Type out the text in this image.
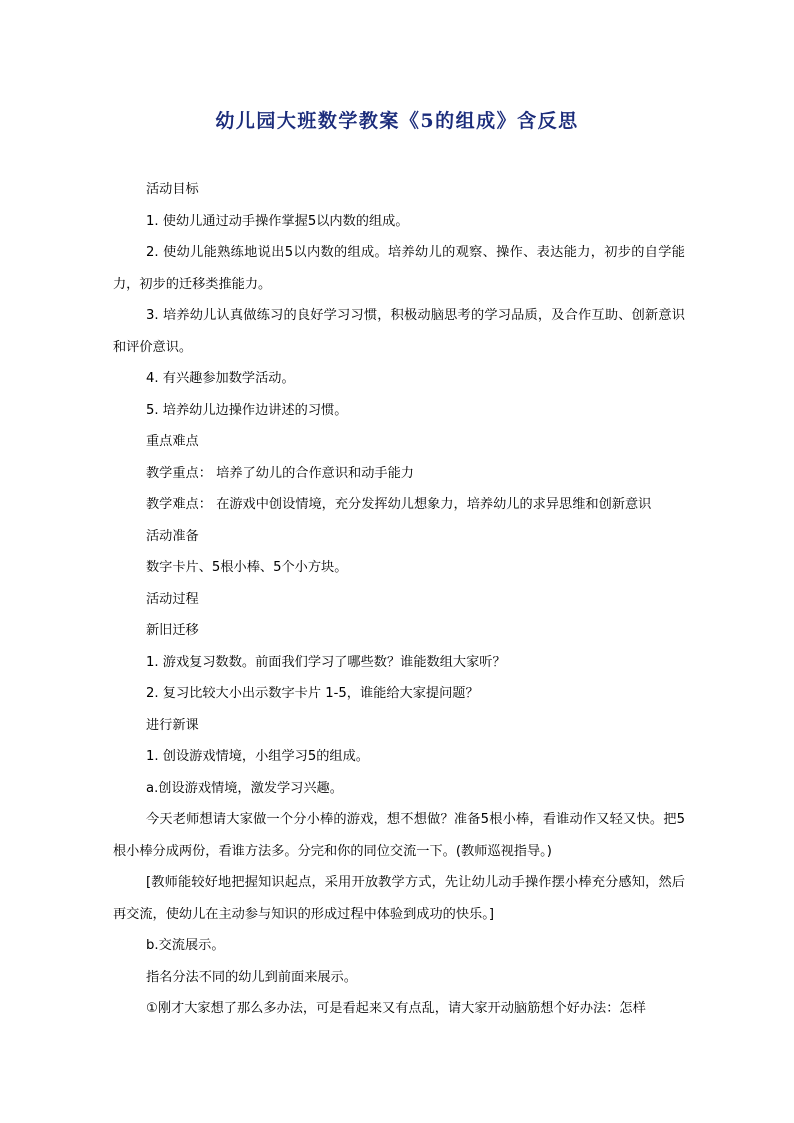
幼儿园大班数学教案《5的组成》含反思

活动目标

1. 使幼儿通过动手操作掌握5以内数的组成。

2. 使幼儿能熟练地说出5以内数的组成。培养幼儿的观察、操作、表达能力，初步的自学能力，初步的迁移类推能力。

3. 培养幼儿认真做练习的良好学习习惯，积极动脑思考的学习品质，及合作互助、创新意识和评价意识。

4. 有兴趣参加数学活动。

5. 培养幼儿边操作边讲述的习惯。

重点难点

教学重点： 培养了幼儿的合作意识和动手能力

教学难点： 在游戏中创设情境，充分发挥幼儿想象力，培养幼儿的求异思维和创新意识

活动准备

数字卡片、5根小棒、5个小方块。

活动过程

新旧迁移

1. 游戏复习数数。前面我们学习了哪些数？谁能数组大家听？

2. 复习比较大小出示数字卡片 1-5，谁能给大家提问题？

进行新课

1. 创设游戏情境，小组学习5的组成。

a.创设游戏情境，激发学习兴趣。

今天老师想请大家做一个分小棒的游戏，想不想做？准备5根小棒，看谁动作又轻又快。把5根小棒分成两份，看谁方法多。分完和你的同位交流一下。(教师巡视指导。)

[教师能较好地把握知识起点，采用开放教学方式，先让幼儿动手操作摆小棒充分感知，然后再交流，使幼儿在主动参与知识的形成过程中体验到成功的快乐。]

b.交流展示。

指名分法不同的幼儿到前面来展示。

①刚才大家想了那么多办法，可是看起来又有点乱，请大家开动脑筋想个好办法：怎样
